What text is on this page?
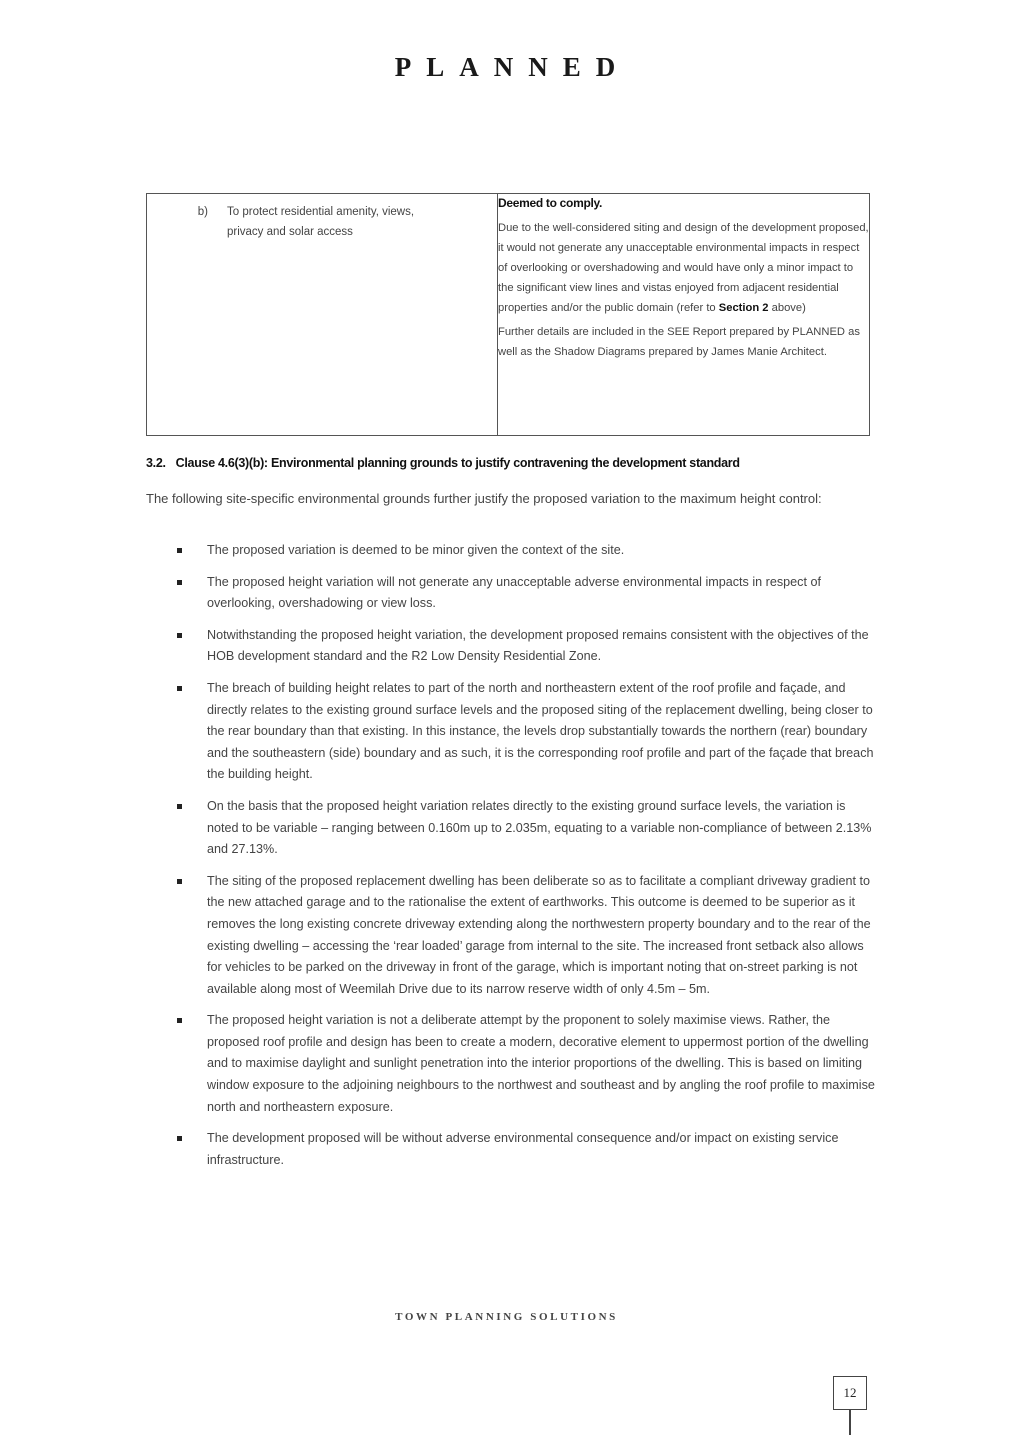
PLANNED
b)	To protect residential amenity, views, privacy and solar access

Deemed to comply.
Due to the well-considered siting and design of the development proposed, it would not generate any unacceptable environmental impacts in respect of overlooking or overshadowing and would have only a minor impact to the significant view lines and vistas enjoyed from adjacent residential properties and/or the public domain (refer to Section 2 above)
Further details are included in the SEE Report prepared by PLANNED as well as the Shadow Diagrams prepared by James Manie Architect.
3.2. Clause 4.6(3)(b): Environmental planning grounds to justify contravening the development standard
The following site-specific environmental grounds further justify the proposed variation to the maximum height control:
The proposed variation is deemed to be minor given the context of the site.
The proposed height variation will not generate any unacceptable adverse environmental impacts in respect of overlooking, overshadowing or view loss.
Notwithstanding the proposed height variation, the development proposed remains consistent with the objectives of the HOB development standard and the R2 Low Density Residential Zone.
The breach of building height relates to part of the north and northeastern extent of the roof profile and façade, and directly relates to the existing ground surface levels and the proposed siting of the replacement dwelling, being closer to the rear boundary than that existing. In this instance, the levels drop substantially towards the northern (rear) boundary and the southeastern (side) boundary and as such, it is the corresponding roof profile and part of the façade that breach the building height.
On the basis that the proposed height variation relates directly to the existing ground surface levels, the variation is noted to be variable – ranging between 0.160m up to 2.035m, equating to a variable non-compliance of between 2.13% and 27.13%.
The siting of the proposed replacement dwelling has been deliberate so as to facilitate a compliant driveway gradient to the new attached garage and to the rationalise the extent of earthworks. This outcome is deemed to be superior as it removes the long existing concrete driveway extending along the northwestern property boundary and to the rear of the existing dwelling – accessing the ‘rear loaded’ garage from internal to the site. The increased front setback also allows for vehicles to be parked on the driveway in front of the garage, which is important noting that on-street parking is not available along most of Weemilah Drive due to its narrow reserve width of only 4.5m – 5m.
The proposed height variation is not a deliberate attempt by the proponent to solely maximise views. Rather, the proposed roof profile and design has been to create a modern, decorative element to uppermost portion of the dwelling and to maximise daylight and sunlight penetration into the interior proportions of the dwelling. This is based on limiting window exposure to the adjoining neighbours to the northwest and southeast and by angling the roof profile to maximise north and northeastern exposure.
The development proposed will be without adverse environmental consequence and/or impact on existing service infrastructure.
TOWN PLANNING SOLUTIONS
12
